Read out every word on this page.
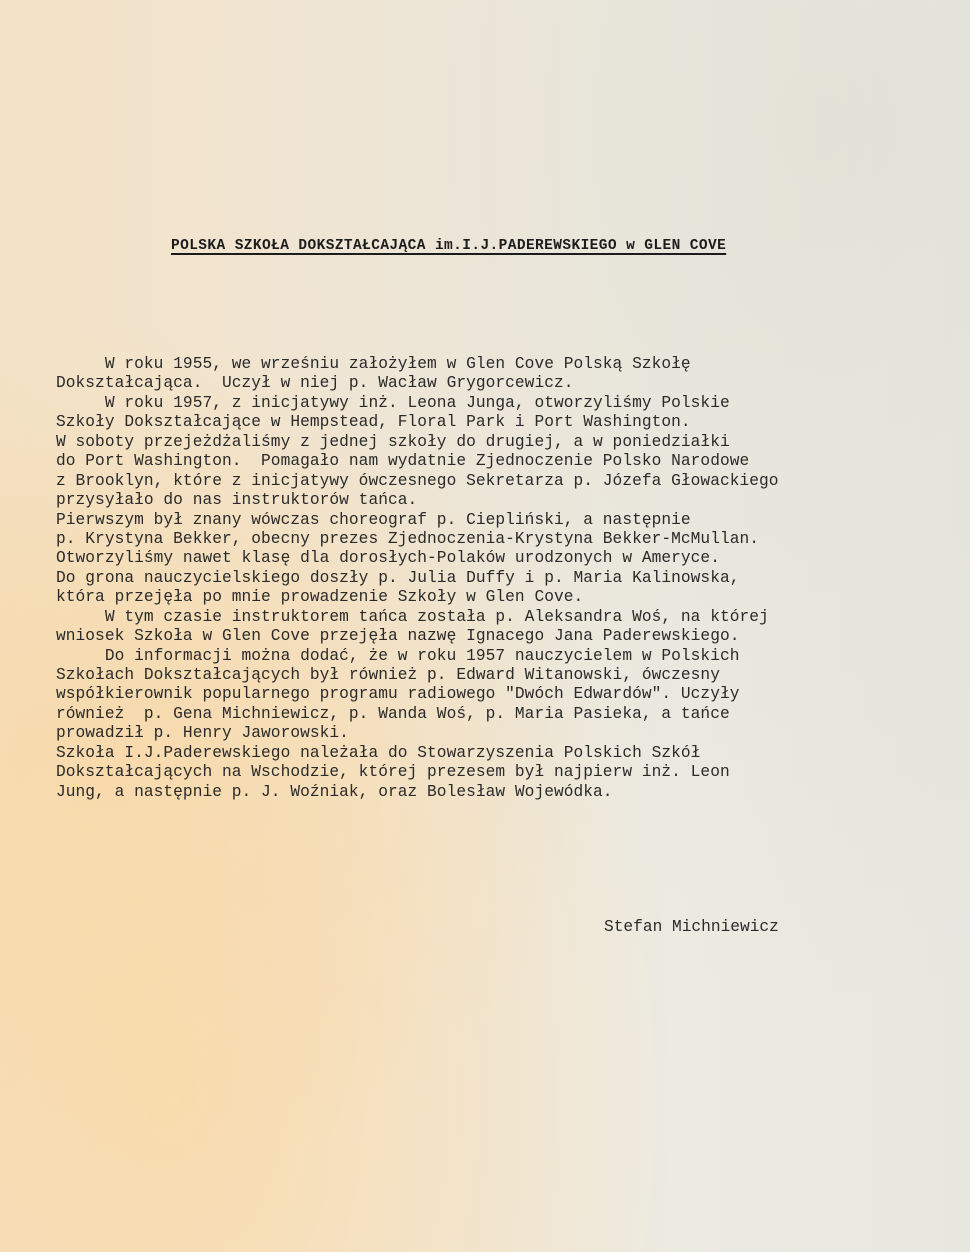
POLSKA SZKOŁA DOKSZTAŁCAJĄCA im.I.J.PADEREWSKIEGO w GLEN COVE
W roku 1955, we wrześniu założyłem w Glen Cove Polską Szkołę
Dokształcająca.  Uczył w niej p. Wacław Grygorcewicz.
W roku 1957, z inicjatywy inż. Leona Junga, otworzyliśmy Polskie
Szkoły Dokształcające w Hempstead, Floral Park i Port Washington.
W soboty przejeżdżaliśmy z jednej szkoły do drugiej, a w poniedziałki
do Port Washington.  Pomagało nam wydatnie Zjednoczenie Polsko Narodowe
z Brooklyn, które z inicjatywy ówczesnego Sekretarza p. Józefa Głowackiego
przysyłało do nas instruktorów tańca.
Pierwszym był znany wówczas choreograf p. Ciepliński, a następnie
p. Krystyna Bekker, obecny prezes Zjednoczenia-Krystyna Bekker-McMullan.
Otworzyliśmy nawet klasę dla dorosłych-Polaków urodzonych w Ameryce.
Do grona nauczycielskiego doszły p. Julia Duffy i p. Maria Kalinowska,
która przejęła po mnie prowadzenie Szkoły w Glen Cove.
W tym czasie instruktorem tańca została p. Aleksandra Woś, na której
wniosek Szkoła w Glen Cove przejęła nazwę Ignacego Jana Paderewskiego.
Do informacji można dodać, że w roku 1957 nauczycielem w Polskich
Szkołach Dokształcających był również p. Edward Witanowski, ówczesny
współkierownik popularnego programu radiowego "Dwóch Edwardów". Uczyły
również  p. Gena Michniewicz, p. Wanda Woś, p. Maria Pasieka, a tańce
prowadził p. Henry Jaworowski.
Szkoła I.J.Paderewskiego należała do Stowarzyszenia Polskich Szkół
Dokształcających na Wschodzie, której prezesem był najpierw inż. Leon
Jung, a następnie p. J. Woźniak, oraz Bolesław Wojewódka.
Stefan Michniewicz
